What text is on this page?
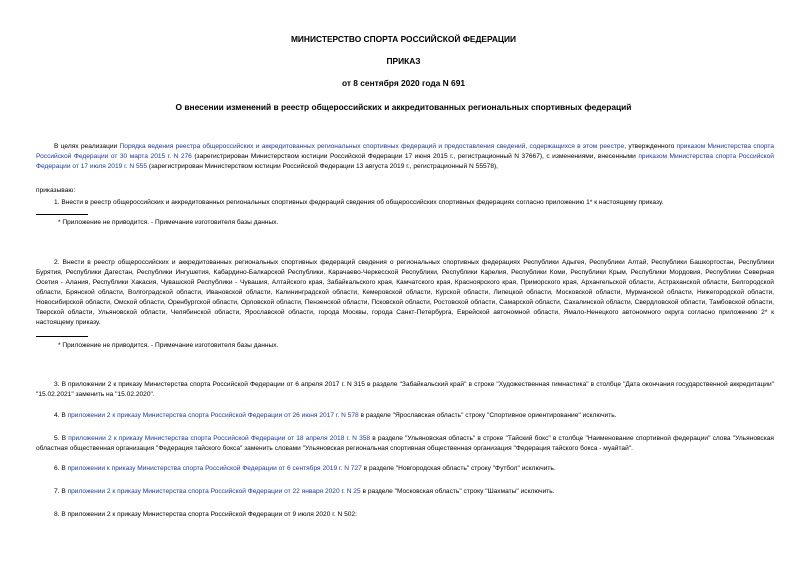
МИНИСТЕРСТВО СПОРТА РОССИЙСКОЙ ФЕДЕРАЦИИ
ПРИКАЗ
от 8 сентября 2020 года N 691
О внесении изменений в реестр общероссийских и аккредитованных региональных спортивных федераций
В целях реализации Порядка ведения реестра общероссийских и аккредитованных региональных спортивных федераций и предоставления сведений, содержащихся в этом реестре, утвержденного приказом Министерства спорта Российской Федерации от 30 марта 2015 г. N 276 (зарегистрирован Министерством юстиции Российской Федерации 17 июня 2015 г., регистрационный N 37667), с изменениями, внесенными приказом Министерства спорта Российской Федерации от 17 июля 2019 г. N 555 (зарегистрирован Министерством юстиции Российской Федерации 13 августа 2019 г., регистрационный N 55578),
приказываю:
1. Внести в реестр общероссийских и аккредитованных региональных спортивных федераций сведения об общероссийских спортивных федерациях согласно приложению 1* к настоящему приказу.
* Приложение не приводится. - Примечание изготовителя базы данных.
2. Внести в реестр общероссийских и аккредитованных региональных спортивных федераций сведения о региональных спортивных федерациях Республики Адыгея, Республики Алтай, Республики Башкортостан, Республики Бурятия, Республики Дагестан, Республики Ингушетия, Кабардино-Балкарской Республики, Карачаево-Черкесской Республики, Республики Карелия, Республики Коми, Республики Крым, Республики Мордовия, Республики Северная Осетия - Алания, Республики Хакасия, Чувашской Республики - Чувашия, Алтайского края, Забайкальского края, Камчатского края, Красноярского края, Приморского края, Архангельской области, Астраханской области, Белгородской области, Брянской области, Волгоградской области, Ивановской области, Калининградской области, Кемеровской области, Курской области, Липецкой области, Московской области, Мурманской области, Нижегородской области, Новосибирской области, Омской области, Оренбургской области, Орловской области, Пензенской области, Псковской области, Ростовской области, Самарской области, Сахалинской области, Свердловской области, Тамбовской области, Тверской области, Ульяновской области, Челябинской области, Ярославской области, города Москвы, города Санкт-Петербурга, Еврейской автономной области, Ямало-Ненецкого автономного округа согласно приложению 2* к настоящему приказу.
* Приложение не приводится. - Примечание изготовителя базы данных.
3. В приложении 2 к приказу Министерства спорта Российской Федерации от 6 апреля 2017 г. N 315 в разделе "Забайкальский край" в строке "Художественная гимнастика" в столбце "Дата окончания государственной аккредитации" "15.02.2021" заменить на "15.02.2020".
4. В приложении 2 к приказу Министерства спорта Российской Федерации от 26 июня 2017 г. N 578 в разделе "Ярославская область" строку "Спортивное ориентирование" исключить.
5. В приложении 2 к приказу Министерства спорта Российской Федерации от 18 апреля 2018 г. N 358 в разделе "Ульяновская область" в строке "Тайский бокс" в столбце "Наименование спортивной федерации" слова "Ульяновская областная общественная организация "Федерация тайского бокса" заменить словами "Ульяновская региональная спортивная общественная организация "Федерация тайского бокса - муайтай".
6. В приложении к приказу Министерства спорта Российской Федерации от 6 сентября 2019 г. N 727 в разделе "Новгородская область" строку "Футбол" исключить.
7. В приложении 2 к приказу Министерства спорта Российской Федерации от 22 января 2020 г. N 25 в разделе "Московская область" строку "Шахматы" исключить.
8. В приложении 2 к приказу Министерства спорта Российской Федерации от 9 июля 2020 г. N 502:
